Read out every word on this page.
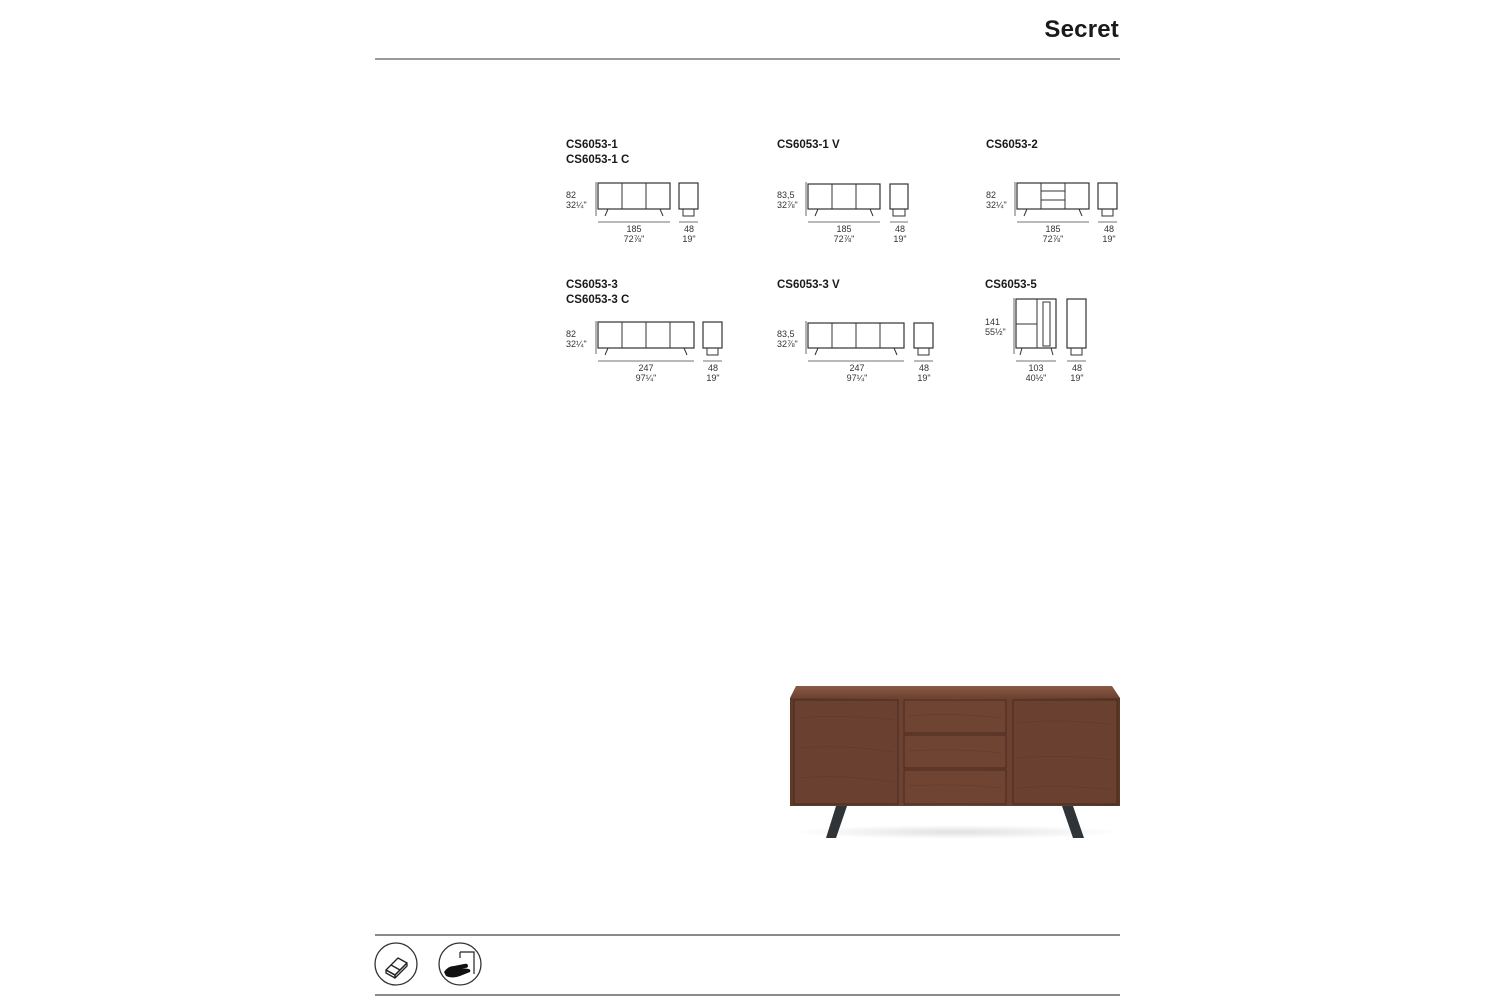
Secret
CS6053-1
CS6053-1 C
82
32¼"
185
72⅞"
48
19"
CS6053-1 V
83,5
32⅞"
185
72⅞"
48
19"
CS6053-2
82
32¼"
185
72⅞"
48
19"
CS6053-3
CS6053-3 C
82
32¼"
247
97¼"
48
19"
CS6053-3 V
83,5
32⅞"
247
97¼"
48
19"
CS6053-5
141
55½"
103
40½"
48
19"
